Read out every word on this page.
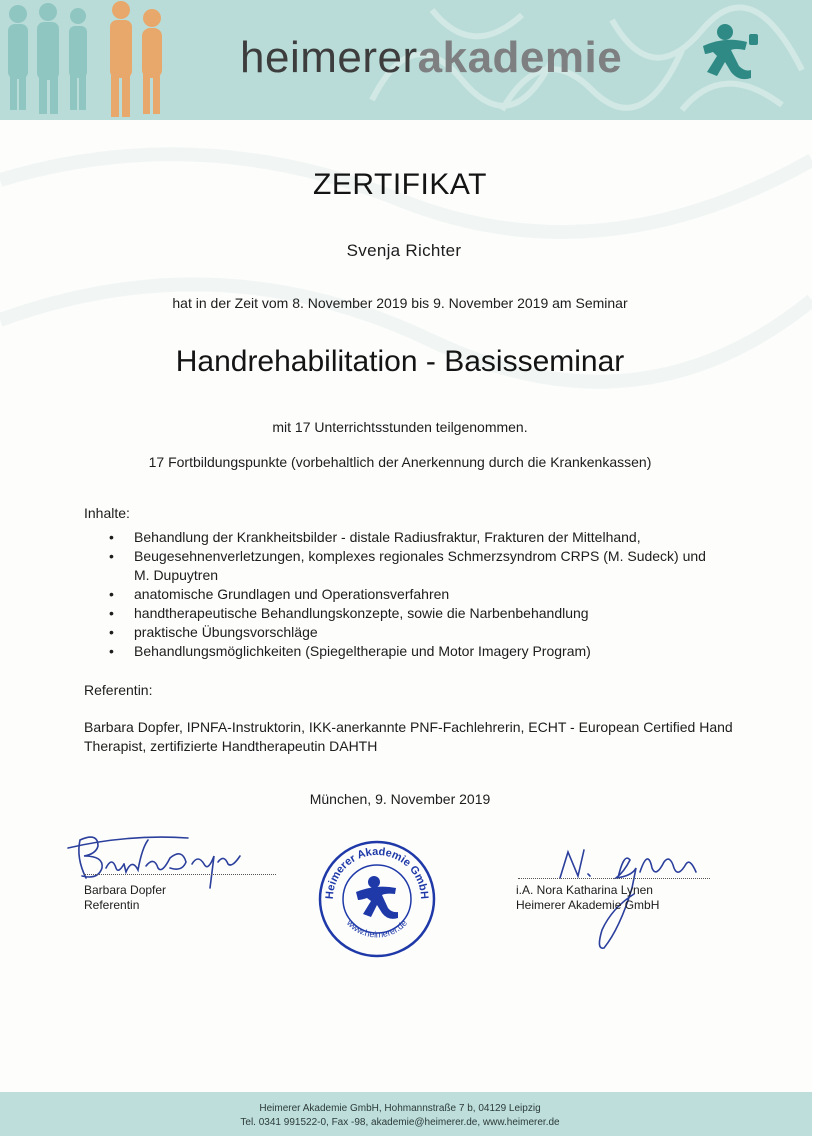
heimererakademie
ZERTIFIKAT
Svenja Richter
hat in der Zeit vom 8. November 2019 bis 9. November 2019 am Seminar
Handrehabilitation - Basisseminar
mit 17 Unterrichtsstunden teilgenommen.
17 Fortbildungspunkte (vorbehaltlich der Anerkennung durch die Krankenkassen)
Inhalte:
• Behandlung der Krankheitsbilder - distale Radiusfraktur, Frakturen der Mittelhand,
• Beugesehnenverletzungen, komplexes regionales Schmerzsyndrom CRPS (M. Sudeck) und M. Dupuytren
• anatomische Grundlagen und Operationsverfahren
• handtherapeutische Behandlungskonzepte, sowie die Narbenbehandlung
• praktische Übungsvorschläge
• Behandlungsmöglichkeiten (Spiegeltherapie und Motor Imagery Program)
Referentin:
Barbara Dopfer, IPNFA-Instruktorin, IKK-anerkannte PNF-Fachlehrerin, ECHT - European Certified Hand Therapist, zertifizierte Handtherapeutin DAHTH
München, 9. November 2019
Barbara Dopfer
Referentin
Heimerer Akademie GmbH
www.heimerer.de
i.A. Nora Katharina Lynen
Heimerer Akademie GmbH
Heimerer Akademie GmbH, Hohmannstraße 7 b, 04129 Leipzig
Tel. 0341 991522-0, Fax -98, akademie@heimerer.de, www.heimerer.de
